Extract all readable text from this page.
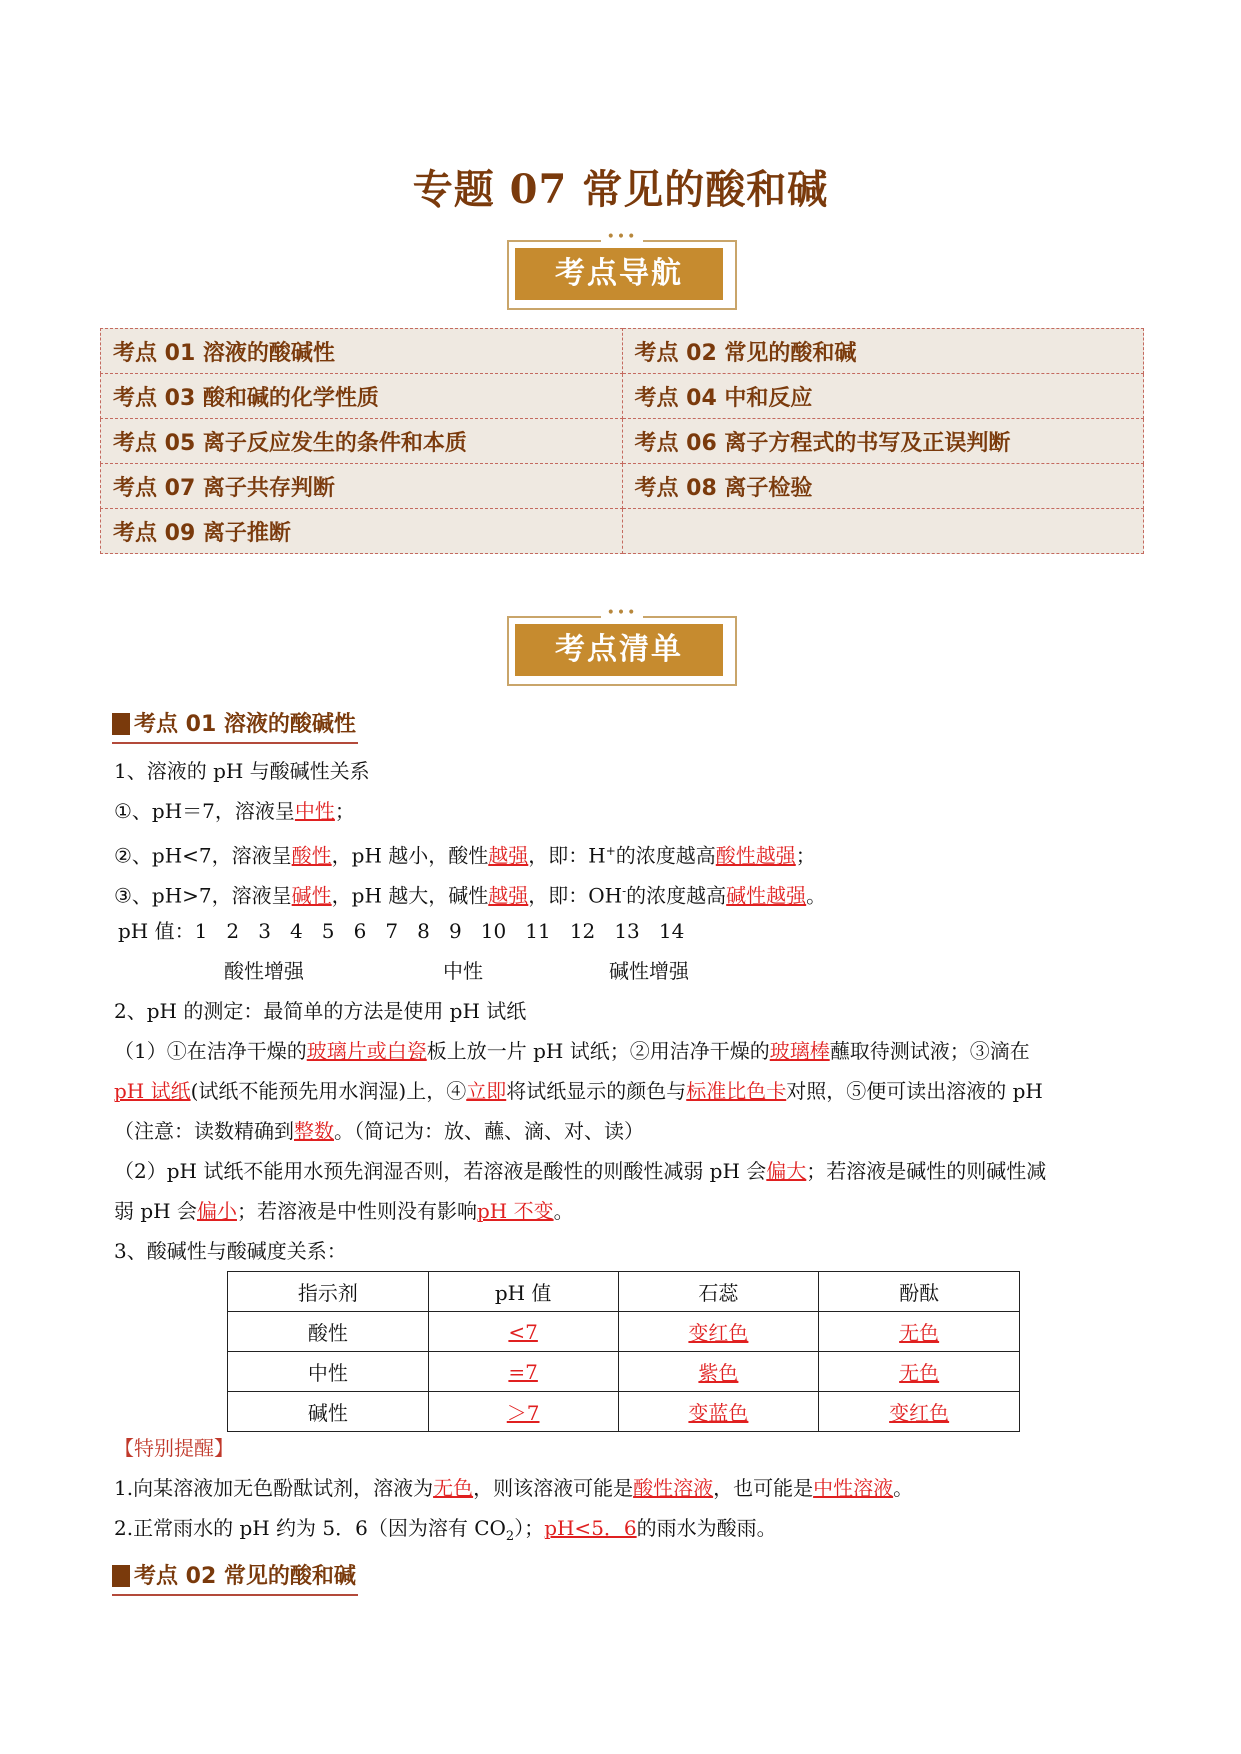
专题 07 常见的酸和碱
•••
考点导航
考点 01 溶液的酸碱性	考点 02 常见的酸和碱
考点 03 酸和碱的化学性质	考点 04 中和反应
考点 05 离子反应发生的条件和本质	考点 06 离子方程式的书写及正误判断
考点 07 离子共存判断	考点 08 离子检验
考点 09 离子推断	
•••
考点清单
考点 01 溶液的酸碱性
1、溶液的 pH 与酸碱性关系
①、pH＝7，溶液呈中性；
②、pH<7，溶液呈酸性，pH 越小，酸性越强，即：H+的浓度越高酸性越强；
③、pH>7，溶液呈碱性，pH 越大，碱性越强，即：OH-的浓度越高碱性越强。
pH 值：1   2   3   4   5   6   7   8   9   10   11   12   13   14
酸性增强	中性	碱性增强
2、pH 的测定：最简单的方法是使用 pH 试纸
（1）①在洁净干燥的玻璃片或白瓷板上放一片 pH 试纸；②用洁净干燥的玻璃棒蘸取待测试液；③滴在
pH 试纸(试纸不能预先用水润湿)上，④立即将试纸显示的颜色与标准比色卡对照，⑤便可读出溶液的 pH
（注意：读数精确到整数。（简记为：放、蘸、滴、对、读）
（2）pH 试纸不能用水预先润湿否则，若溶液是酸性的则酸性减弱 pH 会偏大；若溶液是碱性的则碱性减
弱 pH 会偏小；若溶液是中性则没有影响pH 不变。
3、酸碱性与酸碱度关系：
指示剂	pH 值	石蕊	酚酞
酸性	<7	变红色	无色
中性	=7	紫色	无色
碱性	＞7	变蓝色	变红色
【特别提醒】
1.向某溶液加无色酚酞试剂，溶液为无色，则该溶液可能是酸性溶液，也可能是中性溶液。
2.正常雨水的 pH 约为 5．6（因为溶有 $CO_2$）；pH<5．6的雨水为酸雨。
考点 02 常见的酸和碱
